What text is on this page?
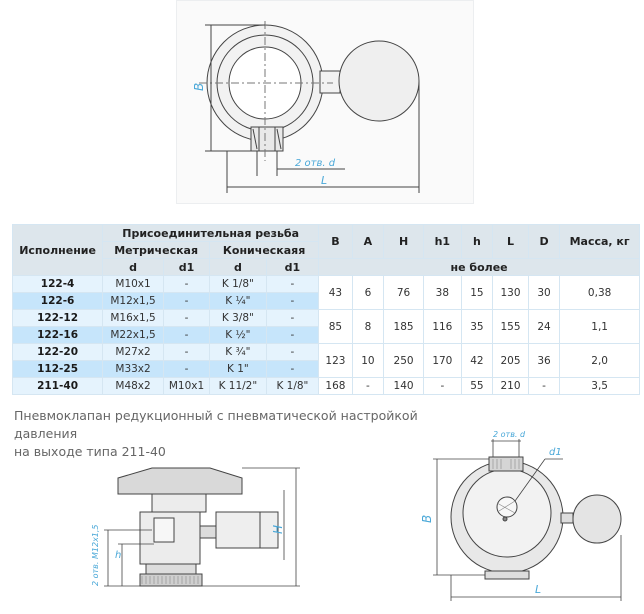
B
2 отв. d
L
Исполнение	Присоединительная резьба				B	A	H	h1	h	L	D	Масса, кг
	Метрическая		Коническаяя									
	d	d1	d	d1	не более							
122-4	M10x1	-	K 1/8"	-	43	6	76	38	15	130	30	0,38
122-6	M12x1,5	-	K ¼"	-								
122-12	M16x1,5	-	K 3/8"	-	85	8	185	116	35	155	24	1,1
122-16	M22x1,5	-	K ½"	-								
122-20	M27x2	-	K ¾"	-	123	10	250	170	42	205	36	2,0
112-25	M33x2	-	K 1"	-								
211-40	M48x2	M10x1	K 11/2"	K 1/8"	168	-	140	-	55	210	-	3,5
Пневмоклапан редукционный с пневматической настройкой давления
на выходе типа 211-40
2 отв. M12x1,5 h
H
2 отв. d
d1
B
L
